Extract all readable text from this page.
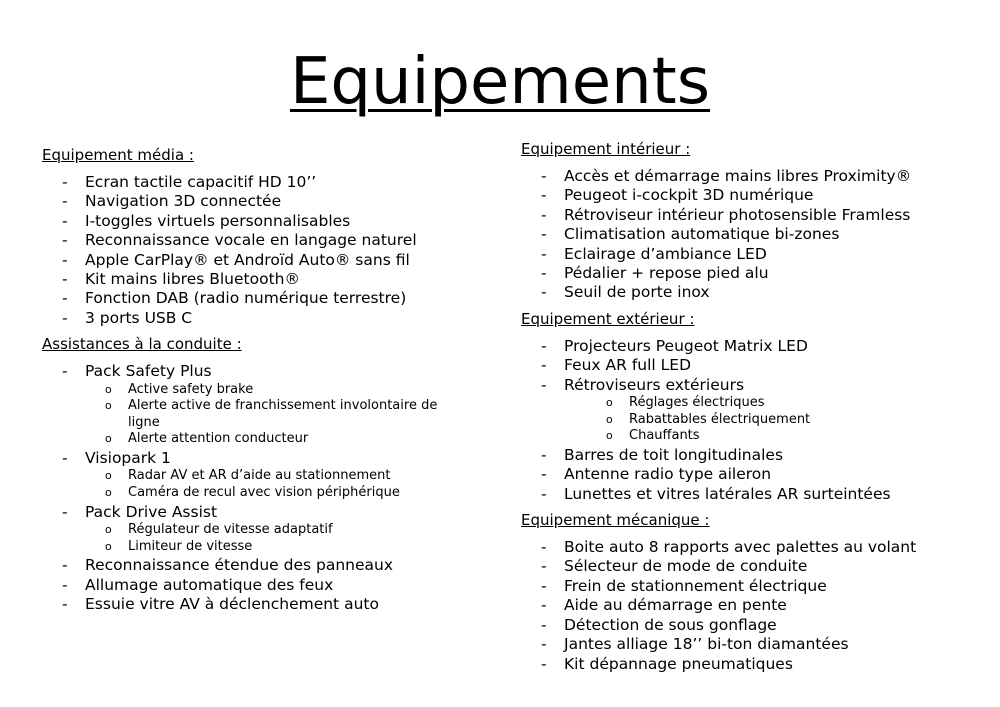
Equipements
Equipement média :
- Ecran tactile capacitif HD 10’’
- Navigation 3D connectée
- I-toggles virtuels personnalisables
- Reconnaissance vocale en langage naturel
- Apple CarPlay® et Androïd Auto® sans fil
- Kit mains libres Bluetooth®
- Fonction DAB (radio numérique terrestre)
- 3 ports USB C
Assistances à la conduite :
- Pack Safety Plus
o Active safety brake
o Alerte active de franchissement involontaire de ligne
o Alerte attention conducteur
- Visiopark 1
o Radar AV et AR d’aide au stationnement
o Caméra de recul avec vision périphérique
- Pack Drive Assist
o Régulateur de vitesse adaptatif
o Limiteur de vitesse
- Reconnaissance étendue des panneaux
- Allumage automatique des feux
- Essuie vitre AV à déclenchement auto
Equipement intérieur :
- Accès et démarrage mains libres Proximity®
- Peugeot i-cockpit 3D numérique
- Rétroviseur intérieur photosensible Framless
- Climatisation automatique bi-zones
- Eclairage d’ambiance LED
- Pédalier + repose pied alu
- Seuil de porte inox
Equipement extérieur :
- Projecteurs Peugeot Matrix LED
- Feux AR full LED
- Rétroviseurs extérieurs
o Réglages électriques
o Rabattables électriquement
o Chauffants
- Barres de toit longitudinales
- Antenne radio type aileron
- Lunettes et vitres latérales AR surteintées
Equipement mécanique :
- Boite auto 8 rapports avec palettes au volant
- Sélecteur de mode de conduite
- Frein de stationnement électrique
- Aide au démarrage en pente
- Détection de sous gonflage
- Jantes alliage 18’’ bi-ton diamantées
- Kit dépannage pneumatiques
